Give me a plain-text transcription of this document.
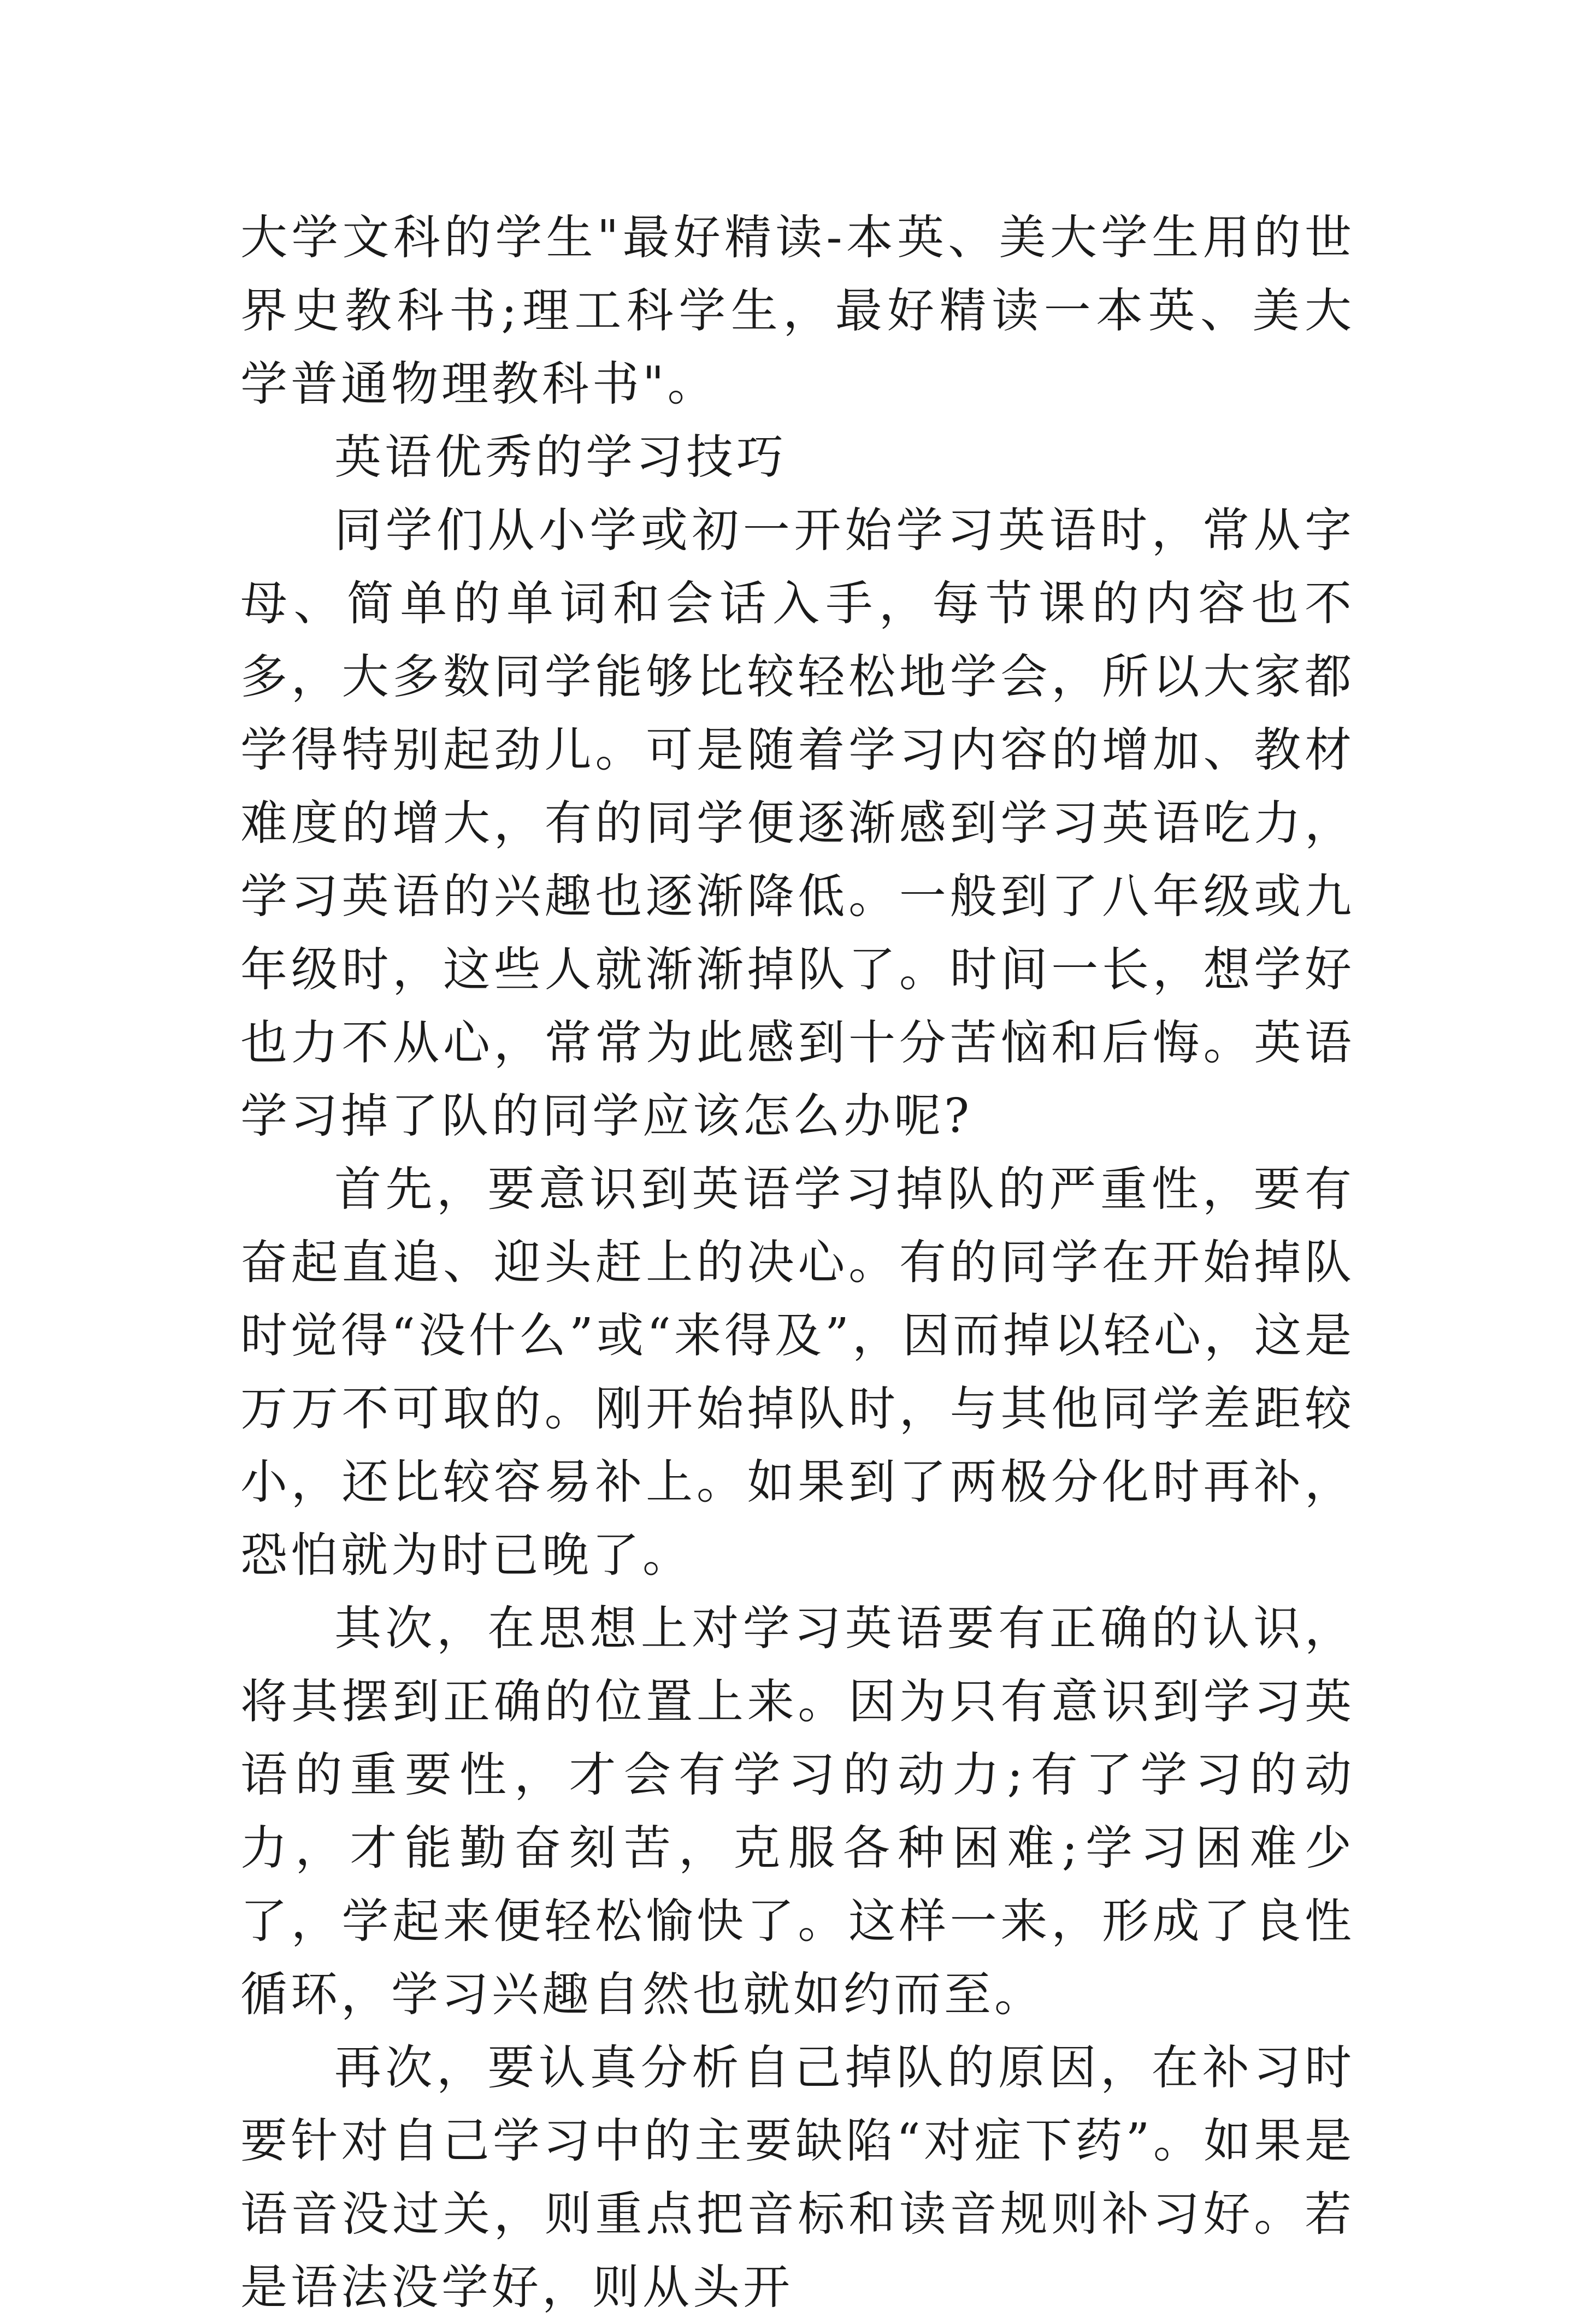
大学文科的学生"最好精读-本英、美大学生用的世界史教科书;理工科学生，最好精读一本英、美大学普通物理教科书"。

英语优秀的学习技巧

同学们从小学或初一开始学习英语时，常从字母、简单的单词和会话入手，每节课的内容也不多，大多数同学能够比较轻松地学会，所以大家都学得特别起劲儿。可是随着学习内容的增加、教材难度的增大，有的同学便逐渐感到学习英语吃力，学习英语的兴趣也逐渐降低。一般到了八年级或九年级时，这些人就渐渐掉队了。时间一长，想学好也力不从心，常常为此感到十分苦恼和后悔。英语学习掉了队的同学应该怎么办呢?

首先，要意识到英语学习掉队的严重性，要有奋起直追、迎头赶上的决心。有的同学在开始掉队时觉得“没什么”或“来得及”，因而掉以轻心，这是万万不可取的。刚开始掉队时，与其他同学差距较小，还比较容易补上。如果到了两极分化时再补，恐怕就为时已晚了。

其次，在思想上对学习英语要有正确的认识，将其摆到正确的位置上来。因为只有意识到学习英语的重要性，才会有学习的动力;有了学习的动力，才能勤奋刻苦，克服各种困难;学习困难少了，学起来便轻松愉快了。这样一来，形成了良性循环，学习兴趣自然也就如约而至。

再次，要认真分析自己掉队的原因，在补习时要针对自己学习中的主要缺陷“对症下药”。如果是语音没过关，则重点把音标和读音规则补习好。若是语法没学好，则从头开
